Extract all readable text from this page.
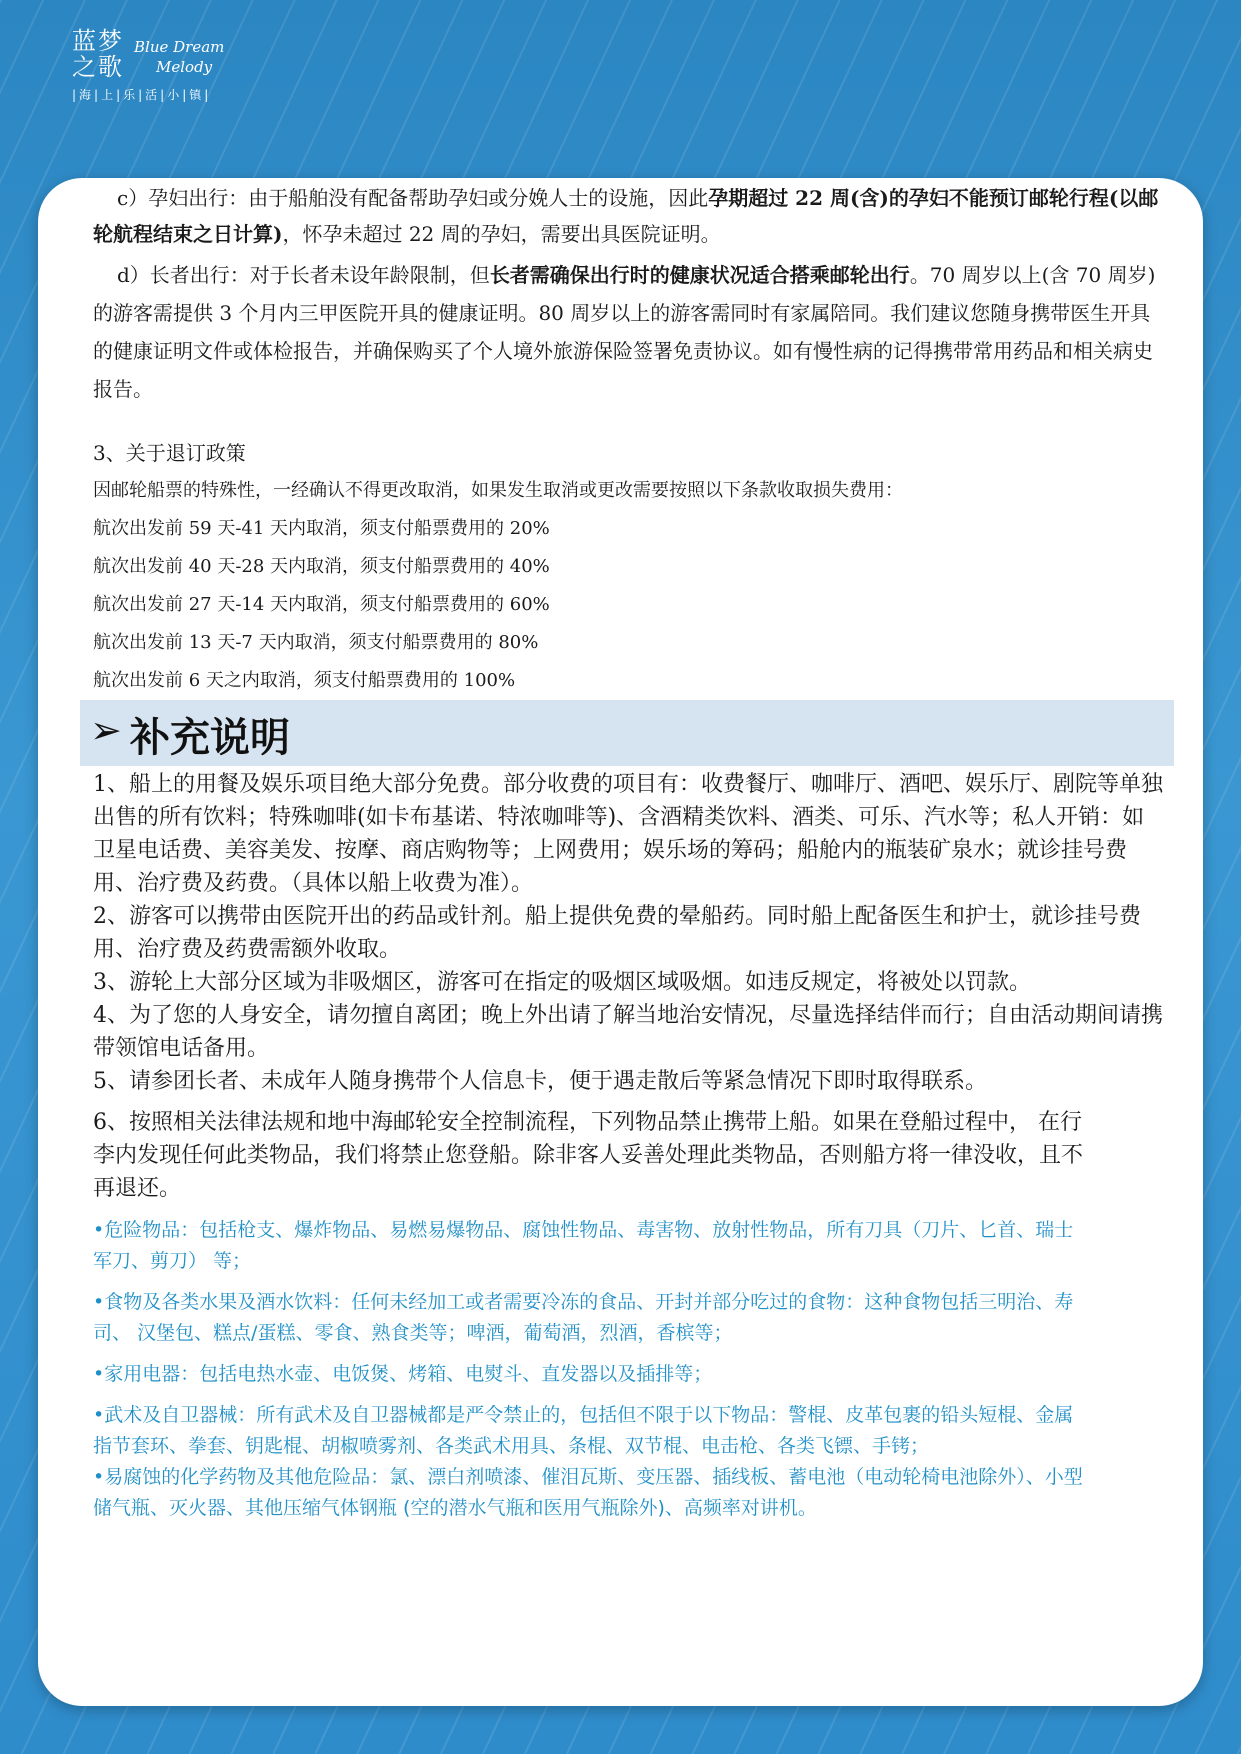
蓝梦
之歌
Blue Dream
Melody
|海|上|乐|活|小|镇|

c）孕妇出行：由于船舶没有配备帮助孕妇或分娩人士的设施，因此孕期超过 22 周(含)的孕妇不能预订邮轮行程(以邮轮航程结束之日计算)，怀孕未超过 22 周的孕妇，需要出具医院证明。

d）长者出行：对于长者未设年龄限制，但长者需确保出行时的健康状况适合搭乘邮轮出行。70 周岁以上(含 70 周岁)的游客需提供 3 个月内三甲医院开具的健康证明。80 周岁以上的游客需同时有家属陪同。我们建议您随身携带医生开具的健康证明文件或体检报告，并确保购买了个人境外旅游保险签署免责协议。如有慢性病的记得携带常用药品和相关病史报告。

3、关于退订政策

因邮轮船票的特殊性，一经确认不得更改取消，如果发生取消或更改需要按照以下条款收取损失费用：

航次出发前 59 天-41 天内取消，须支付船票费用的 20%

航次出发前 40 天-28 天内取消，须支付船票费用的 40%

航次出发前 27 天-14 天内取消，须支付船票费用的 60%

航次出发前 13 天-7 天内取消，须支付船票费用的 80%

航次出发前 6 天之内取消，须支付船票费用的 100%

➢ 补充说明

1、船上的用餐及娱乐项目绝大部分免费。部分收费的项目有：收费餐厅、咖啡厅、酒吧、娱乐厅、剧院等单独出售的所有饮料；特殊咖啡(如卡布基诺、特浓咖啡等)、含酒精类饮料、酒类、可乐、汽水等；私人开销：如卫星电话费、美容美发、按摩、商店购物等；上网费用；娱乐场的筹码；船舱内的瓶装矿泉水；就诊挂号费用、治疗费及药费。（具体以船上收费为准）。

2、游客可以携带由医院开出的药品或针剂。船上提供免费的晕船药。同时船上配备医生和护士，就诊挂号费用、治疗费及药费需额外收取。

3、游轮上大部分区域为非吸烟区，游客可在指定的吸烟区域吸烟。如违反规定，将被处以罚款。

4、为了您的人身安全，请勿擅自离团；晚上外出请了解当地治安情况，尽量选择结伴而行；自由活动期间请携带领馆电话备用。

5、请参团长者、未成年人随身携带个人信息卡，便于遇走散后等紧急情况下即时取得联系。

6、按照相关法律法规和地中海邮轮安全控制流程，下列物品禁止携带上船。如果在登船过程中， 在行李内发现任何此类物品，我们将禁止您登船。除非客人妥善处理此类物品，否则船方将一律没收，且不再退还。

•危险物品：包括枪支、爆炸物品、易燃易爆物品、腐蚀性物品、毒害物、放射性物品，所有刀具（刀片、匕首、瑞士军刀、剪刀） 等；

•食物及各类水果及酒水饮料：任何未经加工或者需要冷冻的食品、开封并部分吃过的食物：这种食物包括三明治、寿司、 汉堡包、糕点/蛋糕、零食、熟食类等；啤酒，葡萄酒，烈酒，香槟等；

•家用电器：包括电热水壶、电饭煲、烤箱、电熨斗、直发器以及插排等；

•武术及自卫器械：所有武术及自卫器械都是严令禁止的，包括但不限于以下物品：警棍、皮革包裹的铅头短棍、金属指节套环、拳套、钥匙棍、胡椒喷雾剂、各类武术用具、条棍、双节棍、电击枪、各类飞镖、手铐；

•易腐蚀的化学药物及其他危险品：氯、漂白剂喷漆、催泪瓦斯、变压器、插线板、蓄电池（电动轮椅电池除外）、小型储气瓶、灭火器、其他压缩气体钢瓶 (空的潜水气瓶和医用气瓶除外)、高频率对讲机。
